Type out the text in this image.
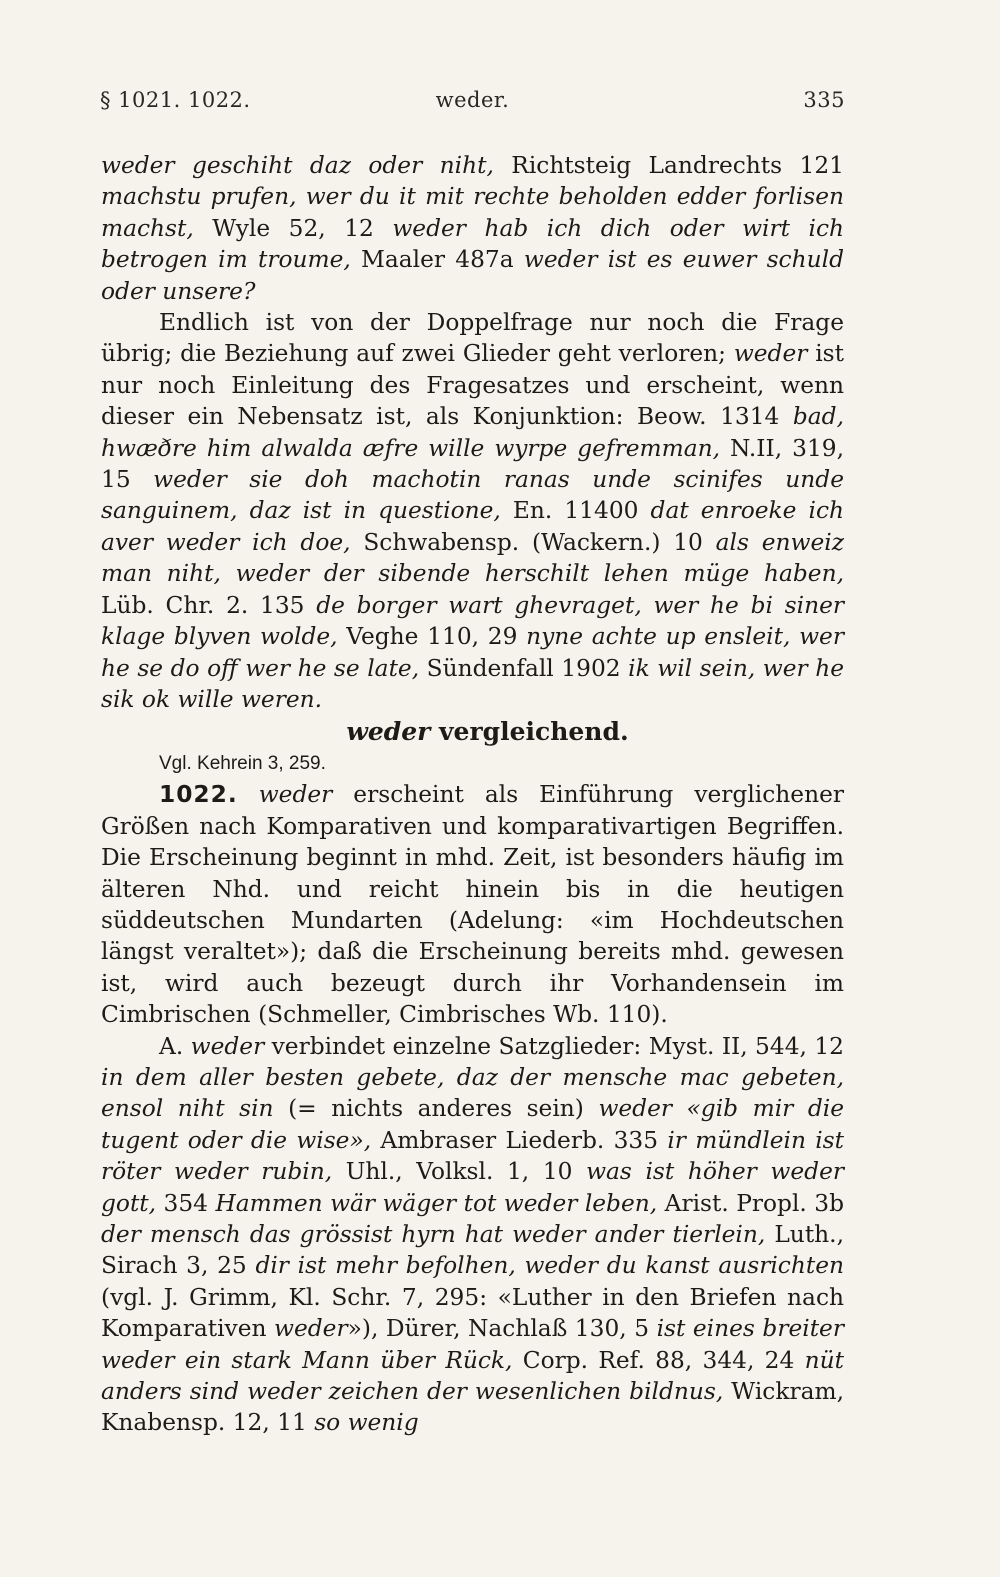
§ 1021. 1022.	weder.	335

weder geschiht daz oder niht, Richtsteig Landrechts 121 machstu prufen, wer du it mit rechte beholden edder forlisen machst, Wyle 52, 12 weder hab ich dich oder wirt ich betrogen im troume, Maaler 487a weder ist es euwer schuld oder unsere?

Endlich ist von der Doppelfrage nur noch die Frage übrig; die Beziehung auf zwei Glieder geht verloren; weder ist nur noch Einleitung des Fragesatzes und erscheint, wenn dieser ein Nebensatz ist, als Konjunktion: Beow. 1314 bad, hwæðre him alwalda æfre wille wyrpe gefremman, N.II, 319, 15 weder sie doh machotin ranas unde scinifes unde sanguinem, daz ist in questione, En. 11400 dat enroeke ich aver weder ich doe, Schwabensp. (Wackern.) 10 als enweiz man niht, weder der sibende herschilt lehen müge haben, Lüb. Chr. 2. 135 de borger wart ghevraget, wer he bi siner klage blyven wolde, Veghe 110, 29 nyne achte up ensleit, wer he se do off wer he se late, Sündenfall 1902 ik wil sein, wer he sik ok wille weren.

weder vergleichend.

Vgl. Kehrein 3, 259.

1022. weder erscheint als Einführung verglichener Größen nach Komparativen und komparativartigen Begriffen. Die Erscheinung beginnt in mhd. Zeit, ist besonders häufig im älteren Nhd. und reicht hinein bis in die heutigen süddeutschen Mundarten (Adelung: «im Hochdeutschen längst veraltet»); daß die Erscheinung bereits mhd. gewesen ist, wird auch bezeugt durch ihr Vorhandensein im Cimbrischen (Schmeller, Cimbrisches Wb. 110).

A. weder verbindet einzelne Satzglieder: Myst. II, 544, 12 in dem aller besten gebete, daz der mensche mac gebeten, ensol niht sin (= nichts anderes sein) weder «gib mir die tugent oder die wise», Ambraser Liederb. 335 ir mündlein ist röter weder rubin, Uhl., Volksl. 1, 10 was ist höher weder gott, 354 Hammen wär wäger tot weder leben, Arist. Propl. 3b der mensch das grössist hyrn hat weder ander tierlein, Luth., Sirach 3, 25 dir ist mehr befolhen, weder du kanst ausrichten (vgl. J. Grimm, Kl. Schr. 7, 295: «Luther in den Briefen nach Komparativen weder»), Dürer, Nachlaß 130, 5 ist eines breiter weder ein stark Mann über Rück, Corp. Ref. 88, 344, 24 nüt anders sind weder zeichen der wesenlichen bildnus, Wickram, Knabensp. 12, 11 so wenig
